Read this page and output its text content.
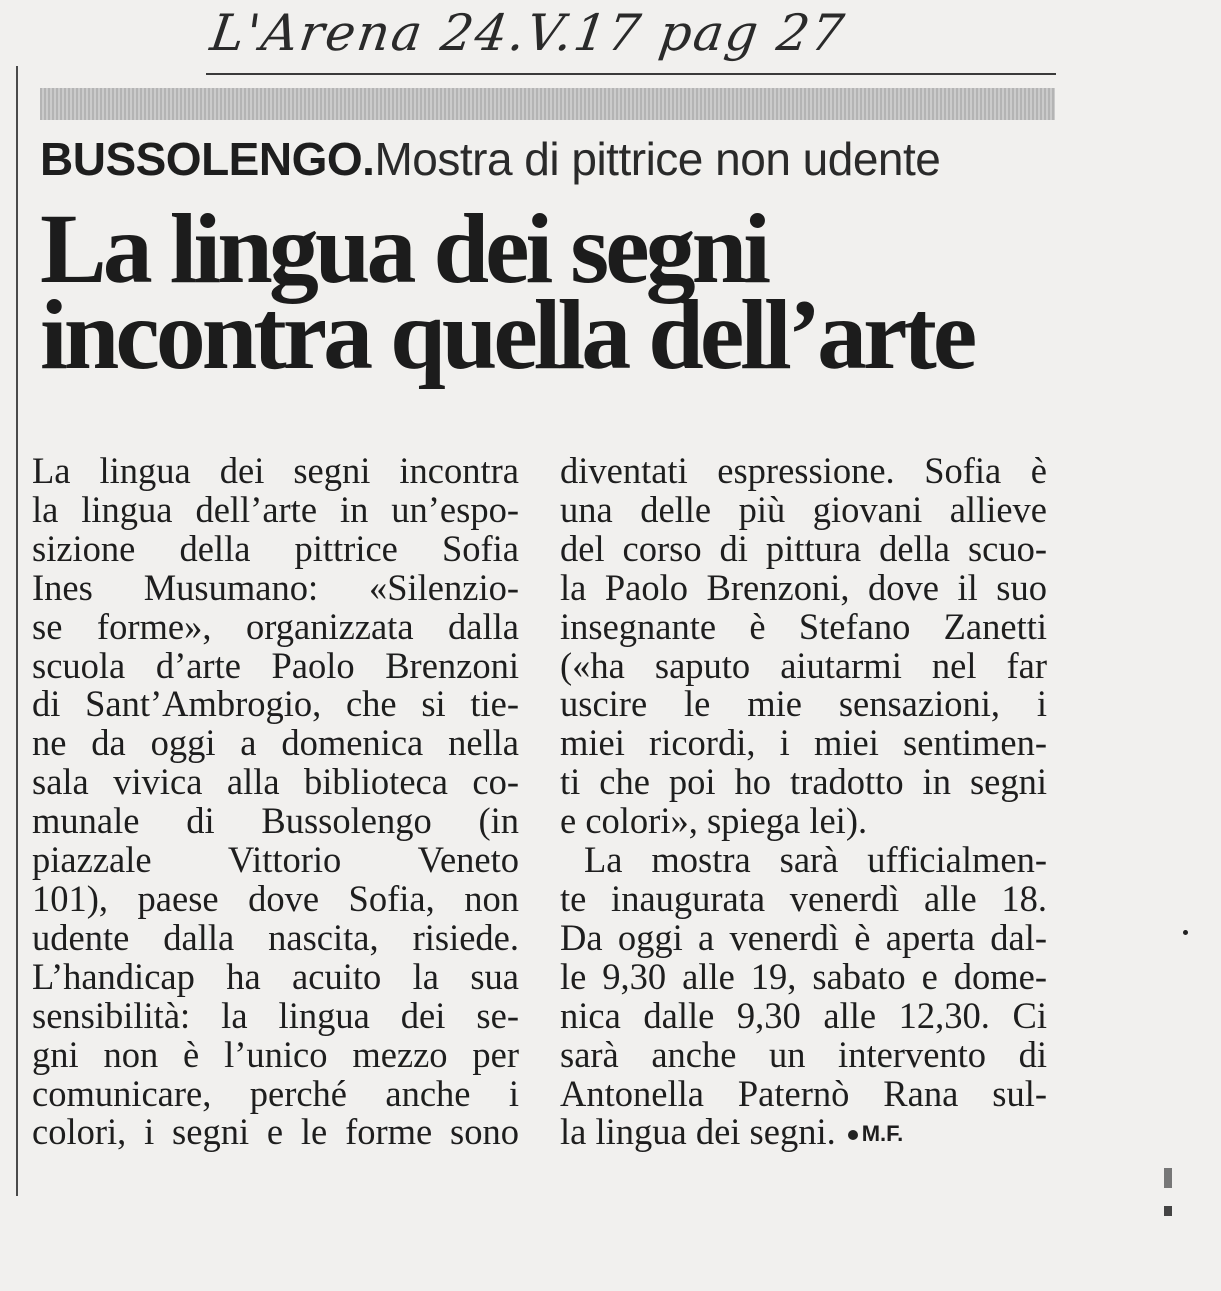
L'Arena 24.V.17 pag 27
BUSSOLENGO.Mostra di pittrice non udente
La lingua dei segni
incontra quella dell’arte
La lingua dei segni incontra
la lingua dell’arte in un’espo-
sizione della pittrice Sofia
Ines Musumano: «Silenzio-
se forme», organizzata dalla
scuola d’arte Paolo Brenzoni
di Sant’Ambrogio, che si tie-
ne da oggi a domenica nella
sala vivica alla biblioteca co-
munale di Bussolengo (in
piazzale Vittorio Veneto
101), paese dove Sofia, non
udente dalla nascita, risiede.
L’handicap ha acuito la sua
sensibilità: la lingua dei se-
gni non è l’unico mezzo per
comunicare, perché anche i
colori, i segni e le forme sono
diventati espressione. Sofia è
una delle più giovani allieve
del corso di pittura della scuo-
la Paolo Brenzoni, dove il suo
insegnante è Stefano Zanetti
(«ha saputo aiutarmi nel far
uscire le mie sensazioni, i
miei ricordi, i miei sentimen-
ti che poi ho tradotto in segni
e colori», spiega lei).
La mostra sarà ufficialmen-
te inaugurata venerdì alle 18.
Da oggi a venerdì è aperta dal-
le 9,30 alle 19, sabato e dome-
nica dalle 9,30 alle 12,30. Ci
sarà anche un intervento di
Antonella Paternò Rana sul-
la lingua dei segni. M.F.
